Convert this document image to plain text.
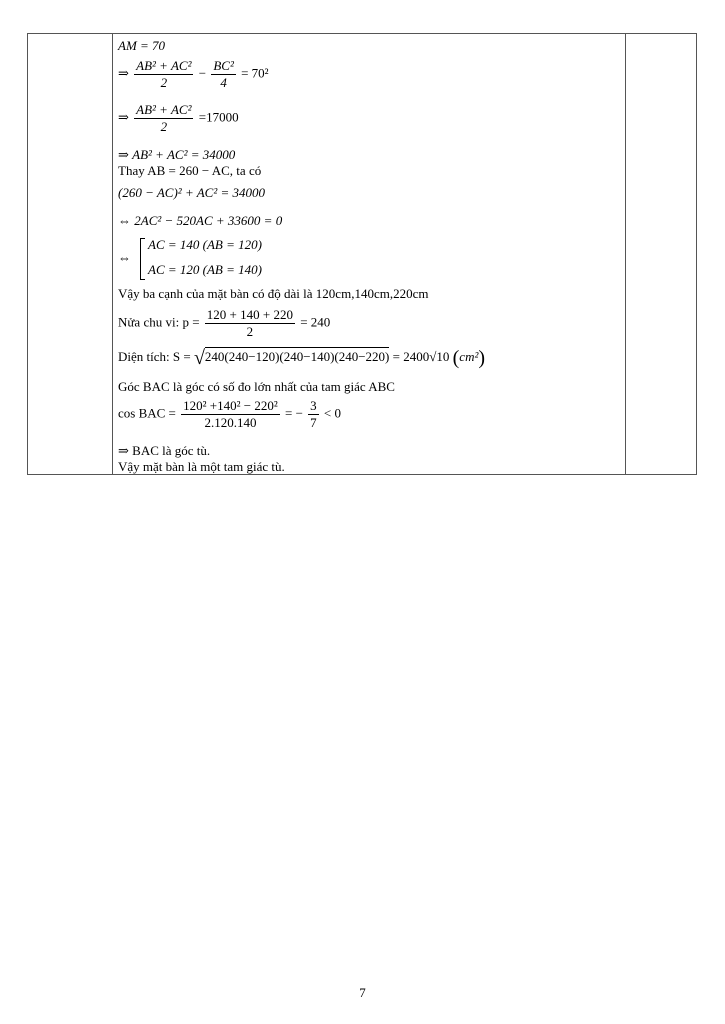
AM = 70
⇒ $\frac{\text{AB² + AC²}}{2} - \frac{\text{BC²}}{4} = 70^2$
⇒ $\frac{\text{AB² + AC²}}{2} =17000$
⇒ AB² + AC² = 34000
Thay AB = 260 − AC, ta có
(260 − AC)² + AC² = 34000
⇔ 2AC² − 520AC + 33600 = 0
⇔
AC = 140 (AB = 120)
AC = 120 (AB = 140)
Vậy ba cạnh của mặt bàn có độ dài là 120cm,140cm,220cm
Nửa chu vi: $p = \frac{120 + 140 + 220}{2} = 240$
Diện tích: S = √240(240−120)(240−140)(240−220) = 2400√10 (cm²)
Góc BAC là góc có số đo lớn nhất của tam giác ABC
cos BAC = $\frac{\text{120² +140² − 220²}}{2.120.140}$ = − $\frac{3}{7} < 0$
⇒ BAC là góc tù.
Vậy mặt bàn là một tam giác tù.
7
